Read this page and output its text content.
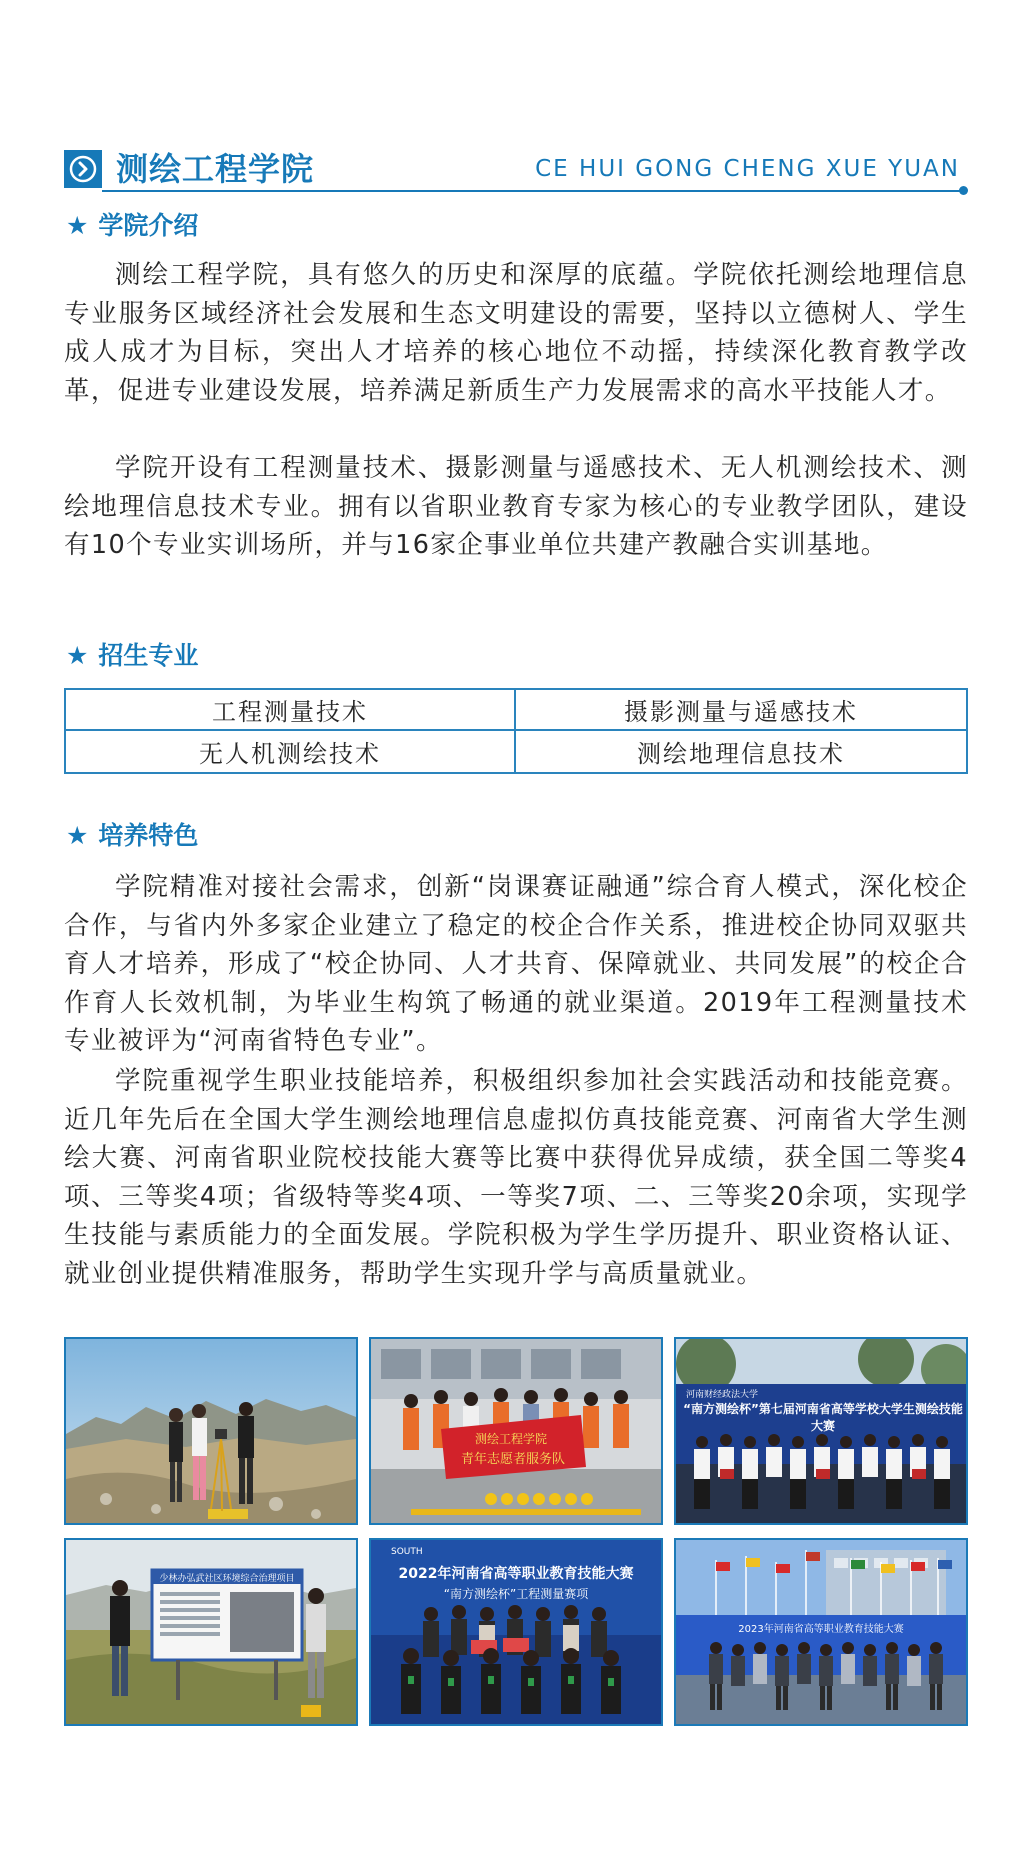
测绘工程学院	CE HUI GONG CHENG XUE YUAN
★ 学院介绍

测绘工程学院，具有悠久的历史和深厚的底蕴。学院依托测绘地理信息专业服务区域经济社会发展和生态文明建设的需要，坚持以立德树人、学生成人成才为目标，突出人才培养的核心地位不动摇，持续深化教育教学改革，促进专业建设发展，培养满足新质生产力发展需求的高水平技能人才。

学院开设有工程测量技术、摄影测量与遥感技术、无人机测绘技术、测绘地理信息技术专业。拥有以省职业教育专家为核心的专业教学团队，建设有10个专业实训场所，并与16家企事业单位共建产教融合实训基地。

★ 招生专业
工程测量技术	摄影测量与遥感技术
无人机测绘技术	测绘地理信息技术
★ 培养特色

学院精准对接社会需求，创新“岗课赛证融通”综合育人模式，深化校企合作，与省内外多家企业建立了稳定的校企合作关系，推进校企协同双驱共育人才培养，形成了“校企协同、人才共育、保障就业、共同发展”的校企合作育人长效机制，为毕业生构筑了畅通的就业渠道。2019年工程测量技术专业被评为“河南省特色专业”。

学院重视学生职业技能培养，积极组织参加社会实践活动和技能竞赛。近几年先后在全国大学生测绘地理信息虚拟仿真技能竞赛、河南省大学生测绘大赛、河南省职业院校技能大赛等比赛中获得优异成绩，获全国二等奖4项、三等奖4项；省级特等奖4项、一等奖7项、二、三等奖20余项，实现学生技能与素质能力的全面发展。学院积极为学生学历提升、职业资格认证、就业创业提供精准服务，帮助学生实现升学与高质量就业。

测绘工程学院
青年志愿者服务队
河南财经政法大学
“南方测绘杯”第七届河南省高等学校大学生测绘技能大赛
少林办弘武社区环境综合治理项目
SOUTH
2022年河南省高等职业教育技能大赛
“南方测绘杯”工程测量赛项
2023年河南省高等职业教育技能大赛
